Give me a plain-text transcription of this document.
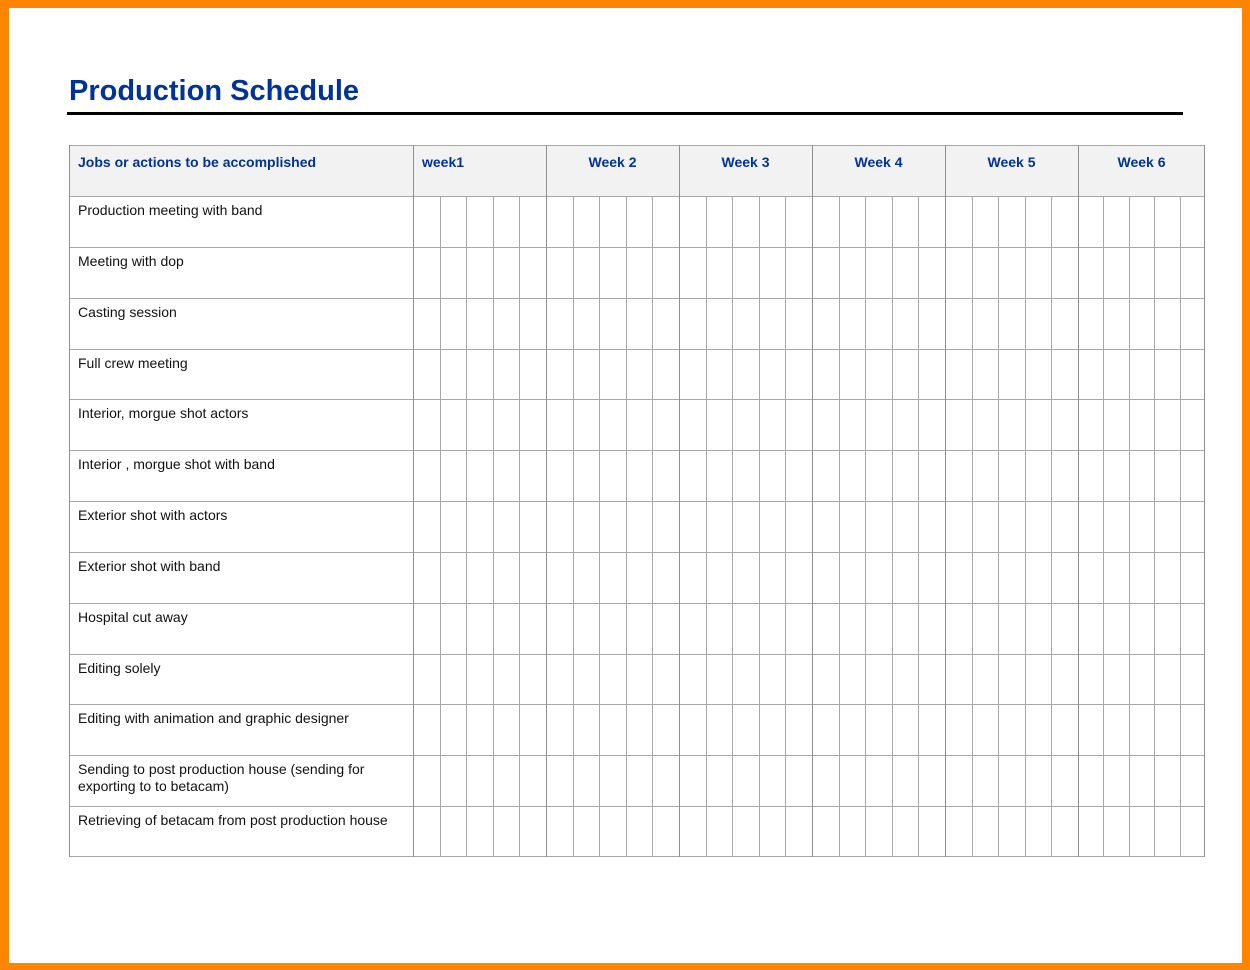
Production Schedule
Jobs or actions to be accomplished	week1	Week 2	Week 3	Week 4	Week 5	Week 6
Production meeting with band
Meeting with dop
Casting session
Full crew meeting
Interior, morgue shot actors
Interior , morgue shot with band
Exterior shot with actors
Exterior shot with band
Hospital cut away
Editing solely
Editing with animation and graphic designer
Sending to post production house (sending for exporting to to betacam)
Retrieving of betacam from post production house
